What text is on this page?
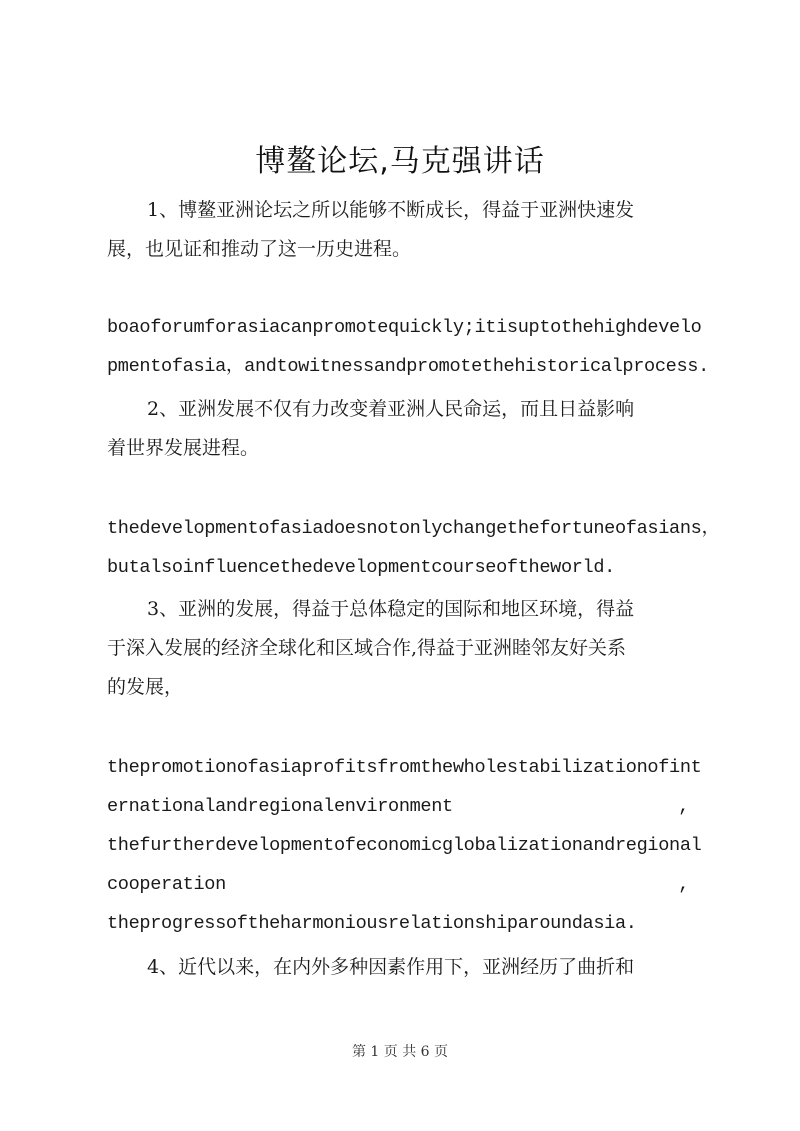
博鳌论坛,马克强讲话
1、博鳌亚洲论坛之所以能够不断成长，得益于亚洲快速发
展，也见证和推动了这一历史进程。
boaoforumforasiacanpromotequickly;itisuptothehighdevelo
pmentofasia，andtowitnessandpromotethehistoricalprocess.
2、亚洲发展不仅有力改变着亚洲人民命运，而且日益影响
着世界发展进程。
thedevelopmentofasiadoesnotonlychangethefortuneofasians，
butalsoinfluencethedevelopmentcourseoftheworld.
3、亚洲的发展，得益于总体稳定的国际和地区环境，得益
于深入发展的经济全球化和区域合作,得益于亚洲睦邻友好关系
的发展，
thepromotionofasiaprofitsfromthewholestabilizationofint
ernationalandregionalenvironment	,
thefurtherdevelopmentofeconomicglobalizationandregional
cooperation	,
theprogressoftheharmoniousrelationshiparoundasia.
4、近代以来，在内外多种因素作用下，亚洲经历了曲折和
第 1 页 共 6 页
